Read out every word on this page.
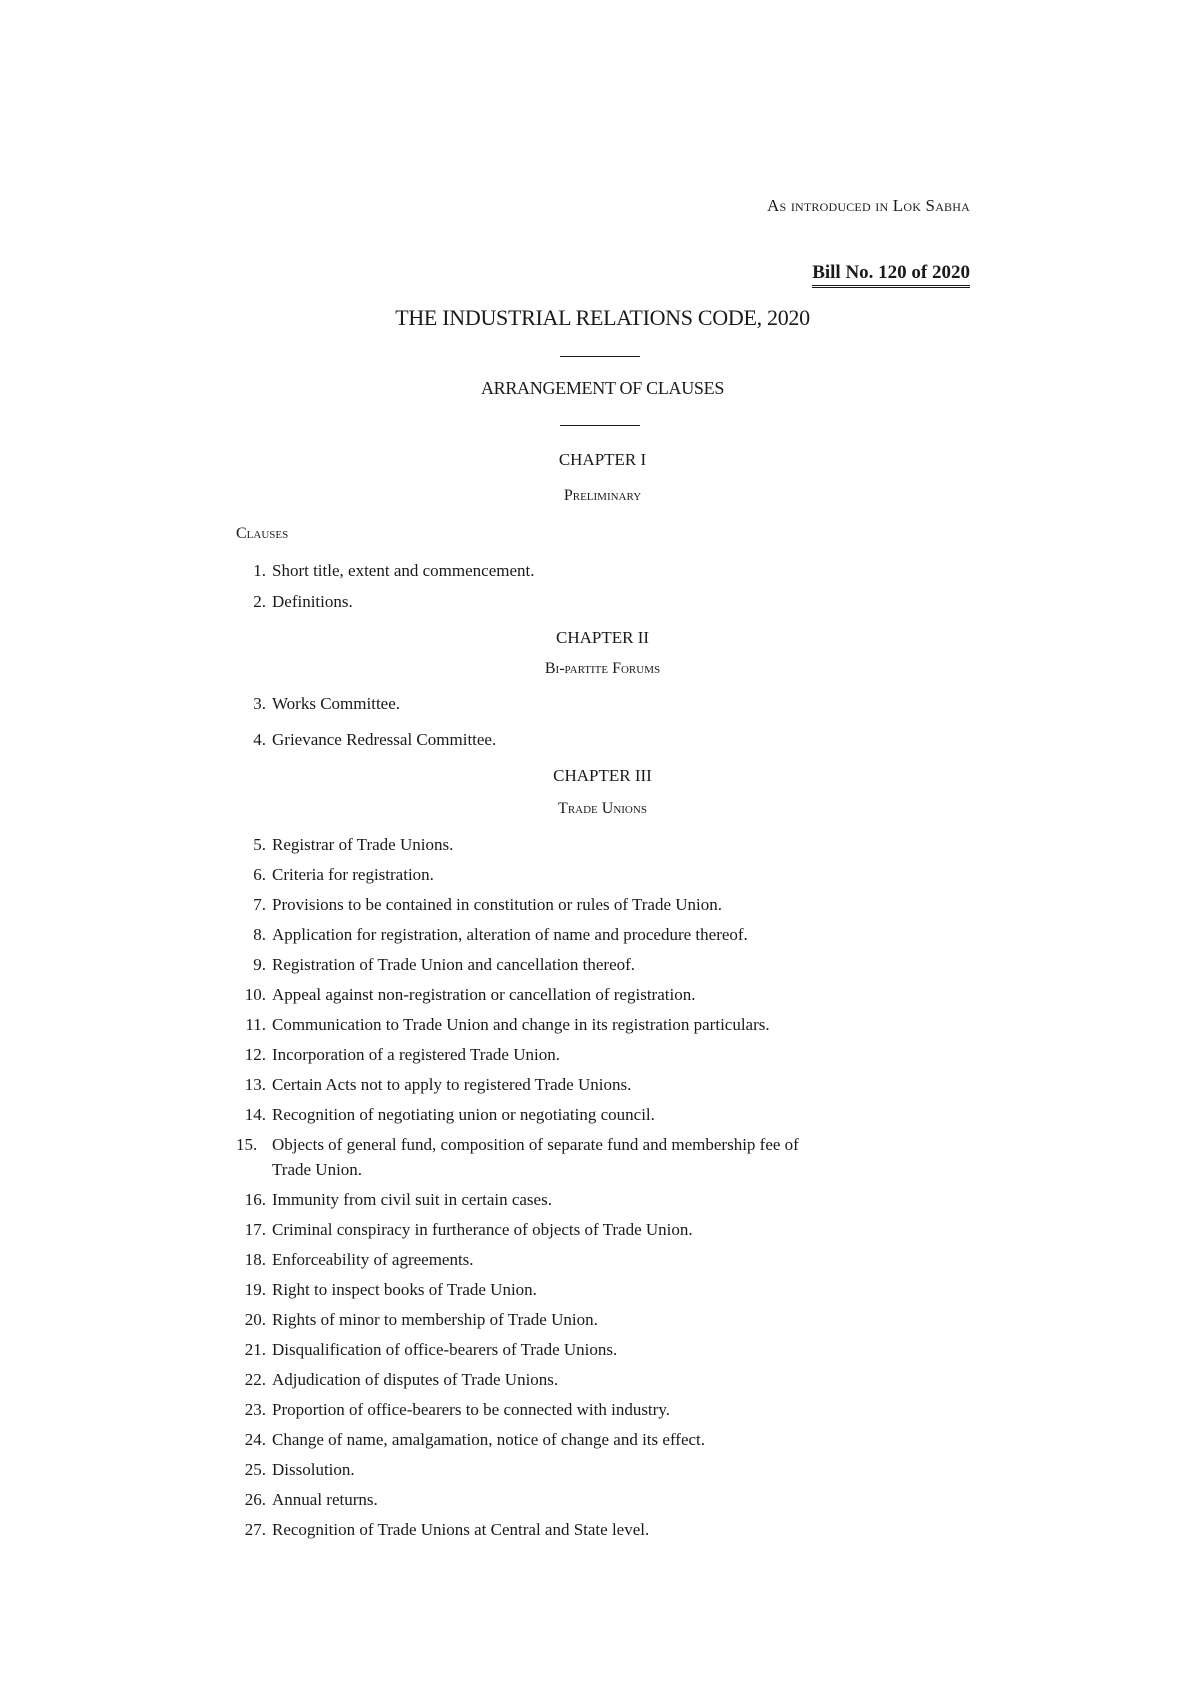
As introduced in Lok Sabha
Bill No. 120 of 2020
THE INDUSTRIAL RELATIONS CODE, 2020
ARRANGEMENT OF CLAUSES
CHAPTER I
Preliminary
Clauses
1. Short title, extent and commencement.
2. Definitions.
CHAPTER II
Bi-partite Forums
3. Works Committee.
4. Grievance Redressal Committee.
CHAPTER III
Trade Unions
5. Registrar of Trade Unions.
6. Criteria for registration.
7. Provisions to be contained in constitution or rules of Trade Union.
8. Application for registration, alteration of name and procedure thereof.
9. Registration of Trade Union and cancellation thereof.
10. Appeal against non-registration or cancellation of registration.
11. Communication to Trade Union and change in its registration particulars.
12. Incorporation of a registered Trade Union.
13. Certain Acts not to apply to registered Trade Unions.
14. Recognition of negotiating union or negotiating council.
15. Objects of general fund, composition of separate fund and membership fee of
Trade Union.
16. Immunity from civil suit in certain cases.
17. Criminal conspiracy in furtherance of objects of Trade Union.
18. Enforceability of agreements.
19. Right to inspect books of Trade Union.
20. Rights of minor to membership of Trade Union.
21. Disqualification of office-bearers of Trade Unions.
22. Adjudication of disputes of Trade Unions.
23. Proportion of office-bearers to be connected with industry.
24. Change of name, amalgamation, notice of change and its effect.
25. Dissolution.
26. Annual returns.
27. Recognition of Trade Unions at Central and State level.
